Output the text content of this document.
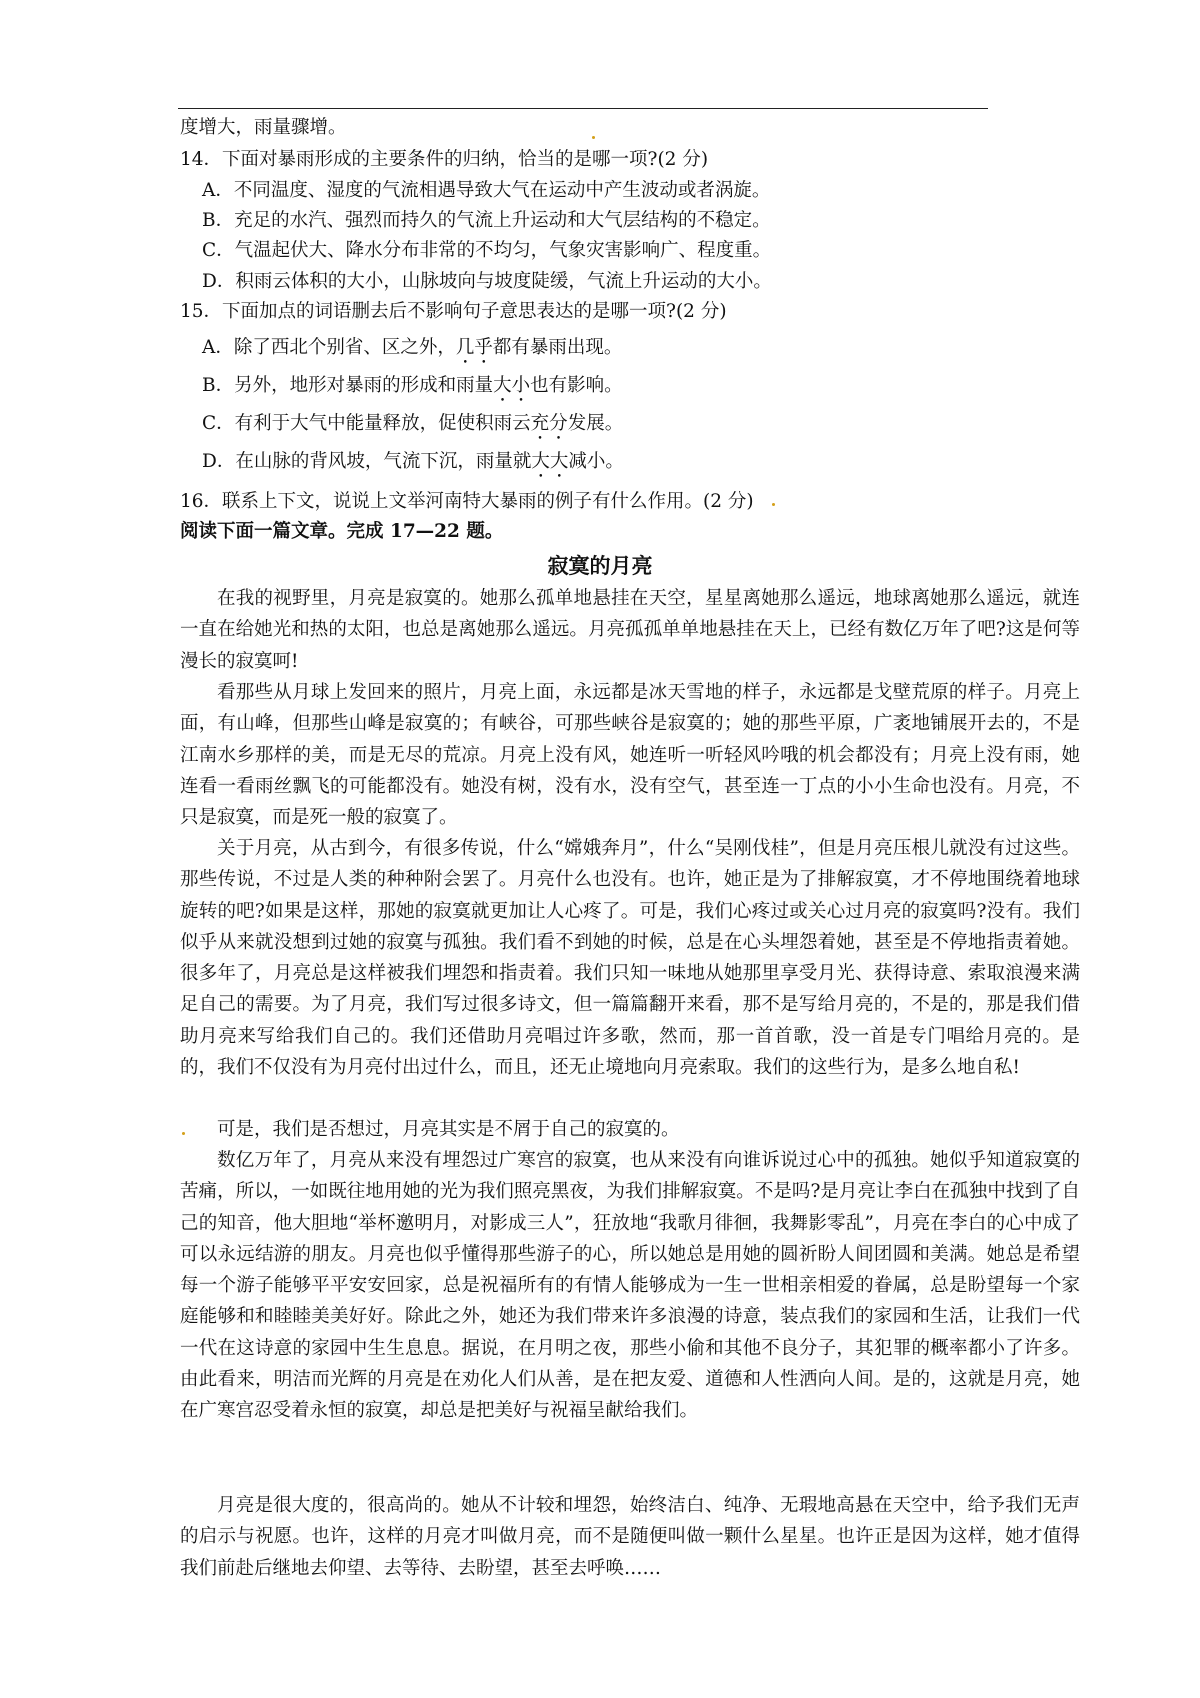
度增大，雨量骤增。
14．下面对暴雨形成的主要条件的归纳，恰当的是哪一项?(2 分)
A．不同温度、湿度的气流相遇导致大气在运动中产生波动或者涡旋。
B．充足的水汽、强烈而持久的气流上升运动和大气层结构的不稳定。
C．气温起伏大、降水分布非常的不均匀，气象灾害影响广、程度重。
D．积雨云体积的大小，山脉坡向与坡度陡缓，气流上升运动的大小。
15．下面加点的词语删去后不影响句子意思表达的是哪一项?(2 分)
A．除了西北个别省、区之外，几乎都有暴雨出现。
B．另外，地形对暴雨的形成和雨量大小也有影响。
C．有利于大气中能量释放，促使积雨云充分发展。
D．在山脉的背风坡，气流下沉，雨量就大大减小。
16．联系上下文，说说上文举河南特大暴雨的例子有什么作用。(2 分)
阅读下面一篇文章。完成 17—22 题。
寂寞的月亮

在我的视野里，月亮是寂寞的。她那么孤单地悬挂在天空，星星离她那么遥远，地球离她那么遥远，就连一直在给她光和热的太阳，也总是离她那么遥远。月亮孤孤单单地悬挂在天上，已经有数亿万年了吧?这是何等漫长的寂寞呵!

看那些从月球上发回来的照片，月亮上面，永远都是冰天雪地的样子，永远都是戈壁荒原的样子。月亮上面，有山峰，但那些山峰是寂寞的；有峡谷，可那些峡谷是寂寞的；她的那些平原，广袤地铺展开去的，不是江南水乡那样的美，而是无尽的荒凉。月亮上没有风，她连听一听轻风吟哦的机会都没有；月亮上没有雨，她连看一看雨丝飘飞的可能都没有。她没有树，没有水，没有空气，甚至连一丁点的小小生命也没有。月亮，不只是寂寞，而是死一般的寂寞了。

关于月亮，从古到今，有很多传说，什么“嫦娥奔月”，什么“吴刚伐桂”，但是月亮压根儿就没有过这些。那些传说，不过是人类的种种附会罢了。月亮什么也没有。也许，她正是为了排解寂寞，才不停地围绕着地球旋转的吧?如果是这样，那她的寂寞就更加让人心疼了。可是，我们心疼过或关心过月亮的寂寞吗?没有。我们似乎从来就没想到过她的寂寞与孤独。我们看不到她的时候，总是在心头埋怨着她，甚至是不停地指责着她。很多年了，月亮总是这样被我们埋怨和指责着。我们只知一味地从她那里享受月光、获得诗意、索取浪漫来满足自己的需要。为了月亮，我们写过很多诗文，但一篇篇翻开来看，那不是写给月亮的，不是的，那是我们借助月亮来写给我们自己的。我们还借助月亮唱过许多歌，然而，那一首首歌，没一首是专门唱给月亮的。是的，我们不仅没有为月亮付出过什么，而且，还无止境地向月亮索取。我们的这些行为，是多么地自私!

可是，我们是否想过，月亮其实是不屑于自己的寂寞的。

数亿万年了，月亮从来没有埋怨过广寒宫的寂寞，也从来没有向谁诉说过心中的孤独。她似乎知道寂寞的苦痛，所以，一如既往地用她的光为我们照亮黑夜，为我们排解寂寞。不是吗?是月亮让李白在孤独中找到了自己的知音，他大胆地“举杯邀明月，对影成三人”，狂放地“我歌月徘徊，我舞影零乱”，月亮在李白的心中成了可以永远结游的朋友。月亮也似乎懂得那些游子的心，所以她总是用她的圆祈盼人间团圆和美满。她总是希望每一个游子能够平平安安回家，总是祝福所有的有情人能够成为一生一世相亲相爱的眷属，总是盼望每一个家庭能够和和睦睦美美好好。除此之外，她还为我们带来许多浪漫的诗意，装点我们的家园和生活，让我们一代一代在这诗意的家园中生生息息。据说，在月明之夜，那些小偷和其他不良分子，其犯罪的概率都小了许多。由此看来，明洁而光辉的月亮是在劝化人们从善，是在把友爱、道德和人性洒向人间。是的，这就是月亮，她在广寒宫忍受着永恒的寂寞，却总是把美好与祝福呈献给我们。

月亮是很大度的，很高尚的。她从不计较和埋怨，始终洁白、纯净、无瑕地高悬在天空中，给予我们无声的启示与祝愿。也许，这样的月亮才叫做月亮，而不是随便叫做一颗什么星星。也许正是因为这样，她才值得我们前赴后继地去仰望、去等待、去盼望，甚至去呼唤……
